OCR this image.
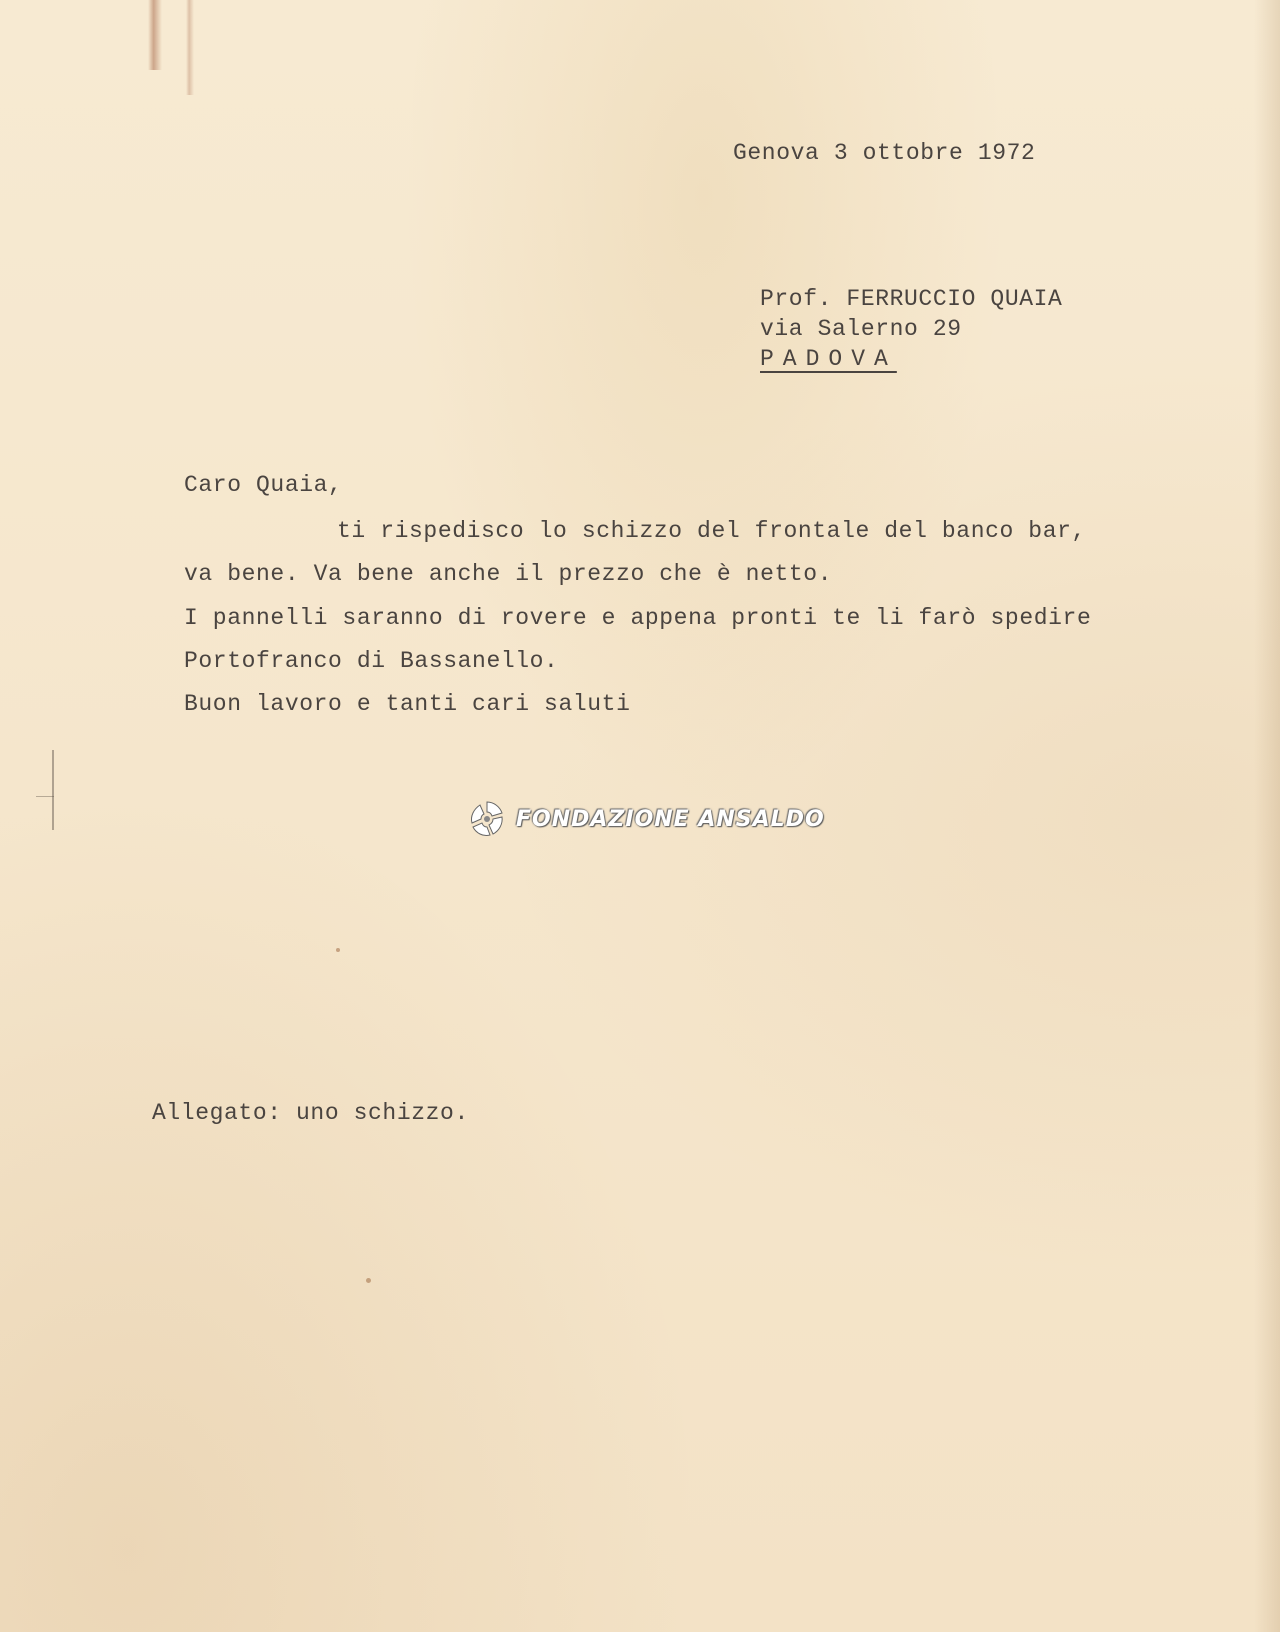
Genova 3 ottobre 1972
Prof. FERRUCCIO QUAIA
via Salerno 29
PADOVA
Caro Quaia,
ti rispedisco lo schizzo del frontale del banco bar,
va bene. Va bene anche il prezzo che è netto.
I pannelli saranno di rovere e appena pronti te li farò spedire
Portofranco di Bassanello.
Buon lavoro e tanti cari saluti
FONDAZIONE ANSALDO
Allegato: uno schizzo.
